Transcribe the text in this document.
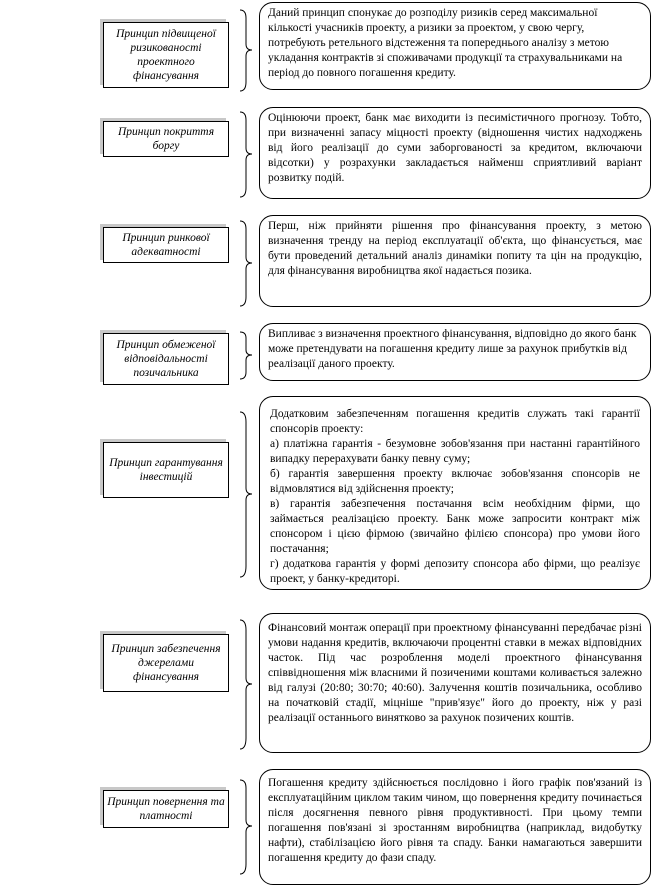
Принцип підвищеної ризикованості проектного фінансування

Даний принцип спонукає до розподілу ризиків серед максимальної кількості учасників проекту, а ризики за проектом, у свою чергу, потребують ретельного відстеження та попереднього аналізу з метою укладання контрактів зі споживачами продукції та страхувальниками на період до повного погашення кредиту.

Принцип покриття боргу

Оцінюючи проект, банк має виходити із песимістичного прогнозу. Тобто, при визначенні запасу міцності проекту (відношення чистих надходжень від його реалізації до суми заборгованості за кредитом, включаючи відсотки) у розрахунки закладається найменш сприятливий варіант розвитку подій.

Принцип ринкової адекватності

Перш, ніж прийняти рішення про фінансування проекту, з метою визначення тренду на період експлуатації об'єкта, що фінансується, має бути проведений детальний аналіз динаміки попиту та цін на продукцію, для фінансування виробництва якої надається позика.

Принцип обмеженої відповідальності позичальника

Випливає з визначення проектного фінансування, відповідно до якого банк може претендувати на погашення кредиту лише за рахунок прибутків від реалізації даного проекту.

Принцип гарантування інвестицій

Додатковим забезпеченням погашення кредитів служать такі гарантії спонсорів проекту:

а) платіжна гарантія - безумовне зобов'язання при настанні гарантійного випадку перерахувати банку певну суму;

б) гарантія завершення проекту включає зобов'язання спонсорів не відмовлятися від здійснення проекту;

в) гарантія забезпечення постачання всім необхідним фірми, що займається реалізацією проекту. Банк може запросити контракт між спонсором і цією фірмою (звичайно філією спонсора) про умови його постачання;

г) додаткова гарантія у формі депозиту спонсора або фірми, що реалізує проект, у банку-кредиторі.

Принцип забезпечення джерелами фінансування

Фінансовий монтаж операції при проектному фінансуванні передбачає різні умови надання кредитів, включаючи процентні ставки в межах відповідних часток. Під час розроблення моделі проектного фінансування співвідношення між власними й позиченими коштами коливається залежно від галузі (20:80; 30:70; 40:60). Залучення коштів позичальника, особливо на початковій стадії, міцніше "прив'язує" його до проекту, ніж у разі реалізації останнього винятково за рахунок позичених коштів.

Принцип повернення та платності

Погашення кредиту здійснюється послідовно і його графік пов'язаний із експлуатаційним циклом таким чином, що повернення кредиту починається після досягнення певного рівня продуктивності. При цьому темпи погашення пов'язані зі зростанням виробництва (наприклад, видобутку нафти), стабілізацією його рівня та спаду. Банки намагаються завершити погашення кредиту до фази спаду.
